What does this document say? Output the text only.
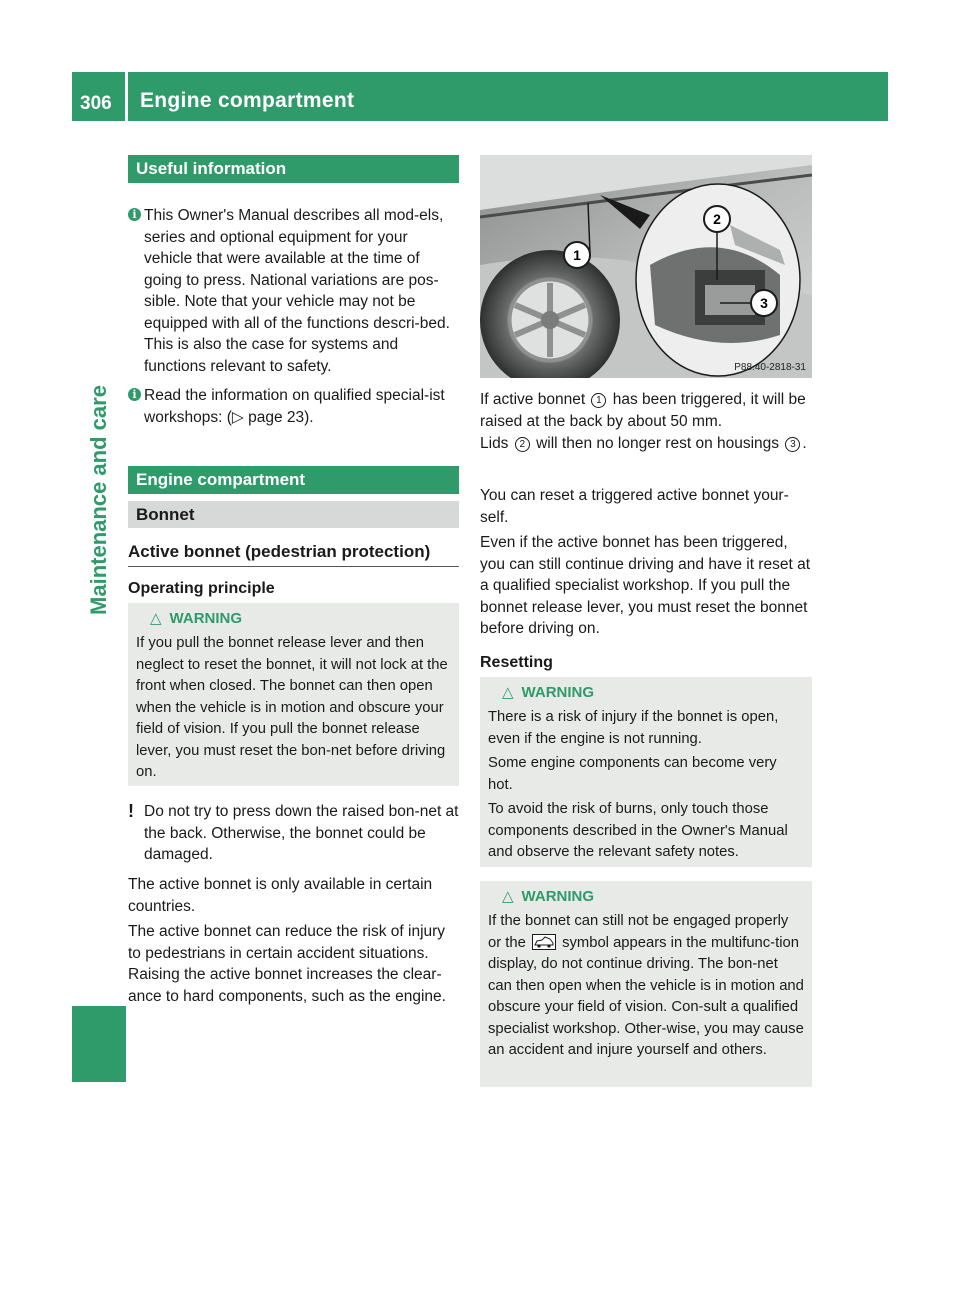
306 Engine compartment
Maintenance and care
Useful information
i This Owner's Manual describes all mod-els, series and optional equipment for your vehicle that were available at the time of going to press. National variations are pos-sible. Note that your vehicle may not be equipped with all of the functions descri-bed. This is also the case for systems and functions relevant to safety.
i Read the information on qualified special-ist workshops: (▷ page 23).
Engine compartment
Bonnet
Active bonnet (pedestrian protection)
Operating principle
△ WARNING
If you pull the bonnet release lever and then neglect to reset the bonnet, it will not lock at the front when closed. The bonnet can then open when the vehicle is in motion and obscure your field of vision. If you pull the bonnet release lever, you must reset the bon-net before driving on.
! Do not try to press down the raised bon-net at the back. Otherwise, the bonnet could be damaged.
The active bonnet is only available in certain countries.
The active bonnet can reduce the risk of injury to pedestrians in certain accident situations. Raising the active bonnet increases the clear-ance to hard components, such as the engine.
1
2
3
P88.40-2818-31
If active bonnet 1 has been triggered, it will be raised at the back by about 50 mm.
Lids 2 will then no longer rest on housings 3 .
You can reset a triggered active bonnet your-self.
Even if the active bonnet has been triggered, you can still continue driving and have it reset at a qualified specialist workshop. If you pull the bonnet release lever, you must reset the bonnet before driving on.
Resetting
△ WARNING

There is a risk of injury if the bonnet is open, even if the engine is not running.

Some engine components can become very hot.

To avoid the risk of burns, only touch those components described in the Owner's Manual and observe the relevant safety notes.

△ WARNING
If the bonnet can still not be engaged properly or the symbol appears in the multifunc-tion display, do not continue driving. The bon-net can then open when the vehicle is in motion and obscure your field of vision. Con-sult a qualified specialist workshop. Other-wise, you may cause an accident and injure yourself and others.
